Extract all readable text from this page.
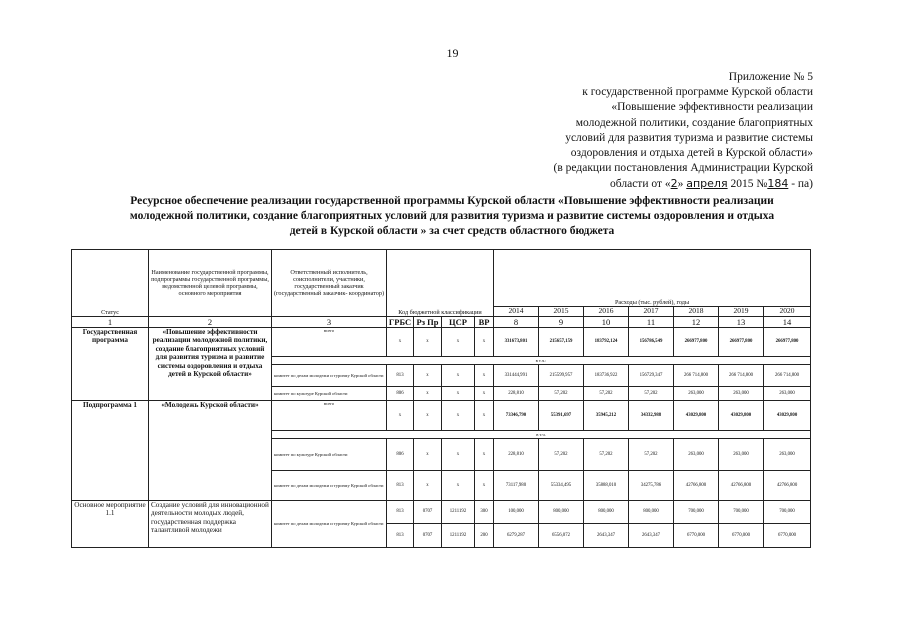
19
Приложение № 5
к государственной программе Курской области
«Повышение эффективности реализации
молодежной политики, создание благоприятных
условий для развития туризма и развитие системы
оздоровления и отдыха детей в Курской области»
(в редакции постановления Администрации Курской
области от «2» апреля 2015 №184 - па)
Ресурсное обеспечение реализации государственной программы Курской области «Повышение эффективности реализации
молодежной политики, создание благоприятных условий для развития туризма и развитие системы оздоровления и отдыха
детей в Курской области » за счет средств областного бюджета
Статус	Наименование государственной программы, подпрограммы государственной программы, ведомственной целевой программы, основного мероприятия	Ответственный исполнитель, соисполнители, участники, государственный заказчик (государственный заказчик- координатор)	Код бюджетной классификации				Расходы (тыс. рублей), годы						
							2014	2015	2016	2017	2018	2019	2020
1	2	3	ГРБС	Рз Пр	ЦСР	ВР	8	9	10	11	12	13	14
Государственная программа	«Повышение эффективности реализации молодежной политики, создание благоприятных условий для развития туризма и развитие системы оздоровления и отдыха детей в Курской области»	всего	х	х	х	х	331673,801	215657,159	183792,124	156786,549	266977,800	266977,800	266977,800
		в т.ч.:											
		комитет по делам молодежи и туризму Курской области	813	х	х	х	331444,991	215599,957	183736,922	156729,347	266 714,800	266 714,800	266 714,800
		комитет по культуре Курской области	806	х	х	х	228,810	57,202	57,202	57,202	263,000	263,000	263,000
Подпрограмма 1	«Молодежь Курской области»	всего	х	х	х	х	73346,790	55391,697	35945,212	34332,988	43029,800	43029,800	43029,800
		в т.ч.											
		комитет по культуре Курской области	806	х	х	х	228,810	57,202	57,202	57,202	263,000	263,000	263,000
		комитет по делам молодежи и туризму Курской области	813	х	х	х	73117,980	55334,495	35888,010	34275,786	42766,800	42766,800	42766,800
Основное мероприятие 1.1	Создание условий для инновационной деятельности молодых людей, государственная поддержка талантливой молодежи	комитет по делам молодежи и туризму Курской области	813	0707	1211192	300	100,000	800,000	800,000	800,000	700,000	700,000	700,000
			813	0707	1211192	200	6279,287	6556,072	2643,347	2643,347	6770,000	6770,000	6770,000
